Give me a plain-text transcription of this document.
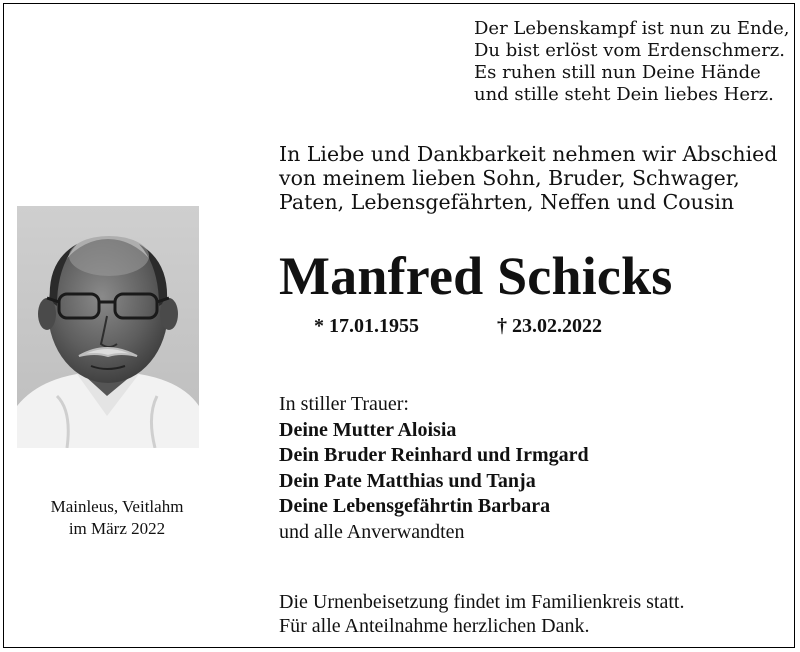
Der Lebenskampf ist nun zu Ende,
Du bist erlöst vom Erdenschmerz.
Es ruhen still nun Deine Hände
und stille steht Dein liebes Herz.
In Liebe und Dankbarkeit nehmen wir Abschied
von meinem lieben Sohn, Bruder, Schwager,
Paten, Lebensgefährten, Neffen und Cousin
Manfred Schicks
* 17.01.1955	† 23.02.2022
Mainleus, Veitlahm
im März 2022
In stiller Trauer:
Deine Mutter Aloisia
Dein Bruder Reinhard und Irmgard
Dein Pate Matthias und Tanja
Deine Lebensgefährtin Barbara
und alle Anverwandten
Die Urnenbeisetzung findet im Familienkreis statt.
Für alle Anteilnahme herzlichen Dank.
